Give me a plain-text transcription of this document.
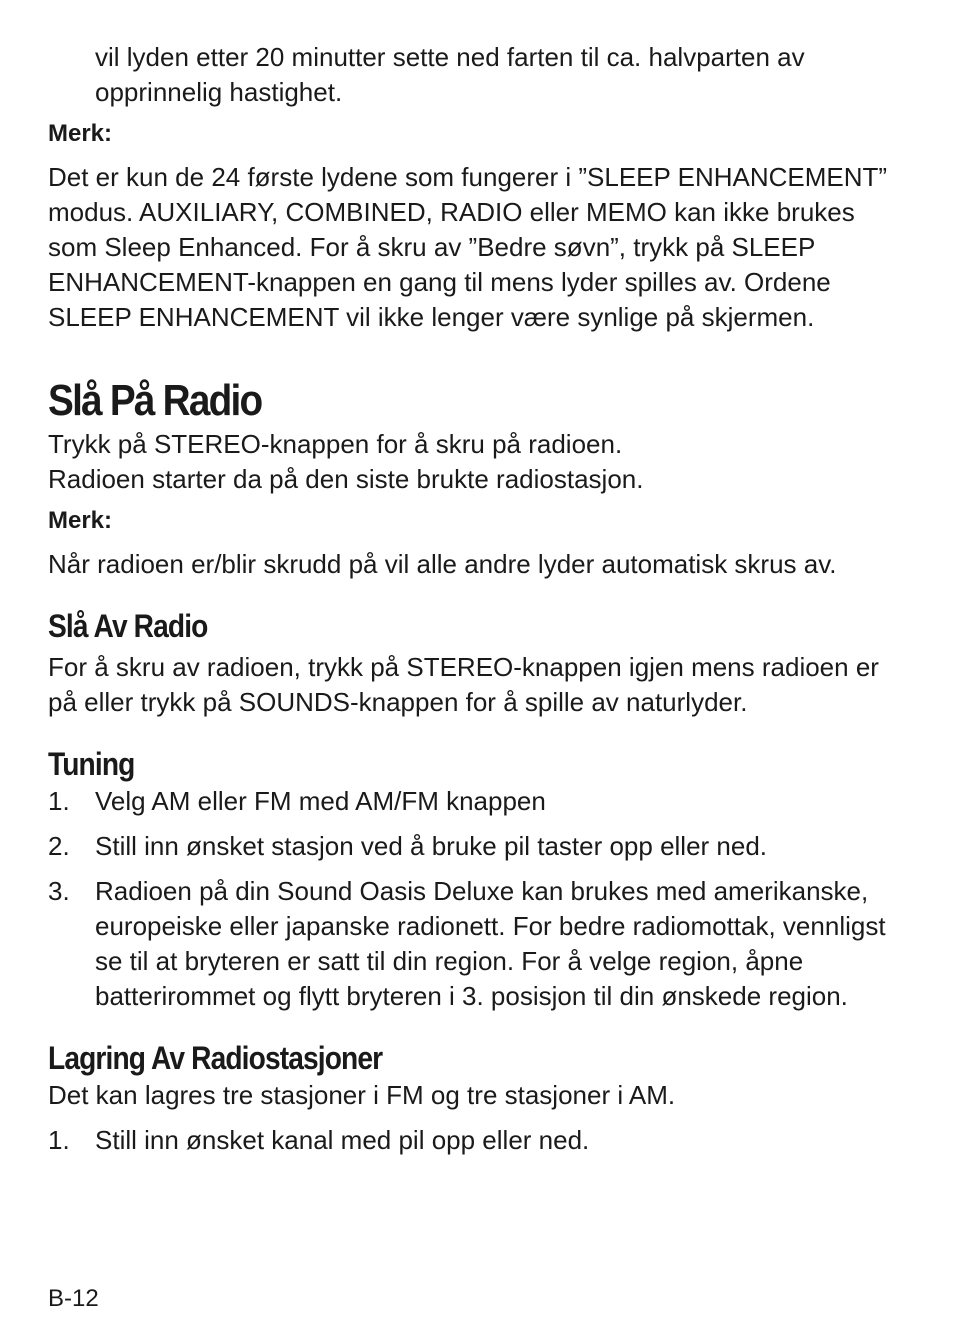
vil lyden etter 20 minutter sette ned farten til ca. halvparten av opprinnelig hastighet.

Merk:

Det er kun de 24 første lydene som fungerer i ”SLEEP ENHANCEMENT” modus. AUXILIARY, COMBINED, RADIO eller MEMO kan ikke brukes som Sleep Enhanced. For å skru av ”Bedre søvn”, trykk på SLEEP ENHANCEMENT-knappen en gang til mens lyder spilles av. Ordene SLEEP ENHANCEMENT vil ikke lenger være synlige på skjermen.

Slå På Radio

Trykk på STEREO-knappen for å skru på radioen.

Radioen starter da på den siste brukte radiostasjon.

Merk:

Når radioen er/blir skrudd på vil alle andre lyder automatisk skrus av.

Slå Av Radio

For å skru av radioen, trykk på STEREO-knappen igjen mens radioen er på eller trykk på SOUNDS-knappen for å spille av naturlyder.

Tuning
1. Velg AM eller FM med AM/FM knappen
2. Still inn ønsket stasjon ved å bruke pil taster opp eller ned.
3. Radioen på din Sound Oasis Deluxe kan brukes med amerikanske, europeiske eller japanske radionett. For bedre radiomottak, vennligst se til at bryteren er satt til din region. For å velge region, åpne batterirommet og flytt bryteren i 3. posisjon til din ønskede region.
Lagring Av Radiostasjoner

Det kan lagres tre stasjoner i FM og tre stasjoner i AM.

1. Still inn ønsket kanal med pil opp eller ned.
B-12
